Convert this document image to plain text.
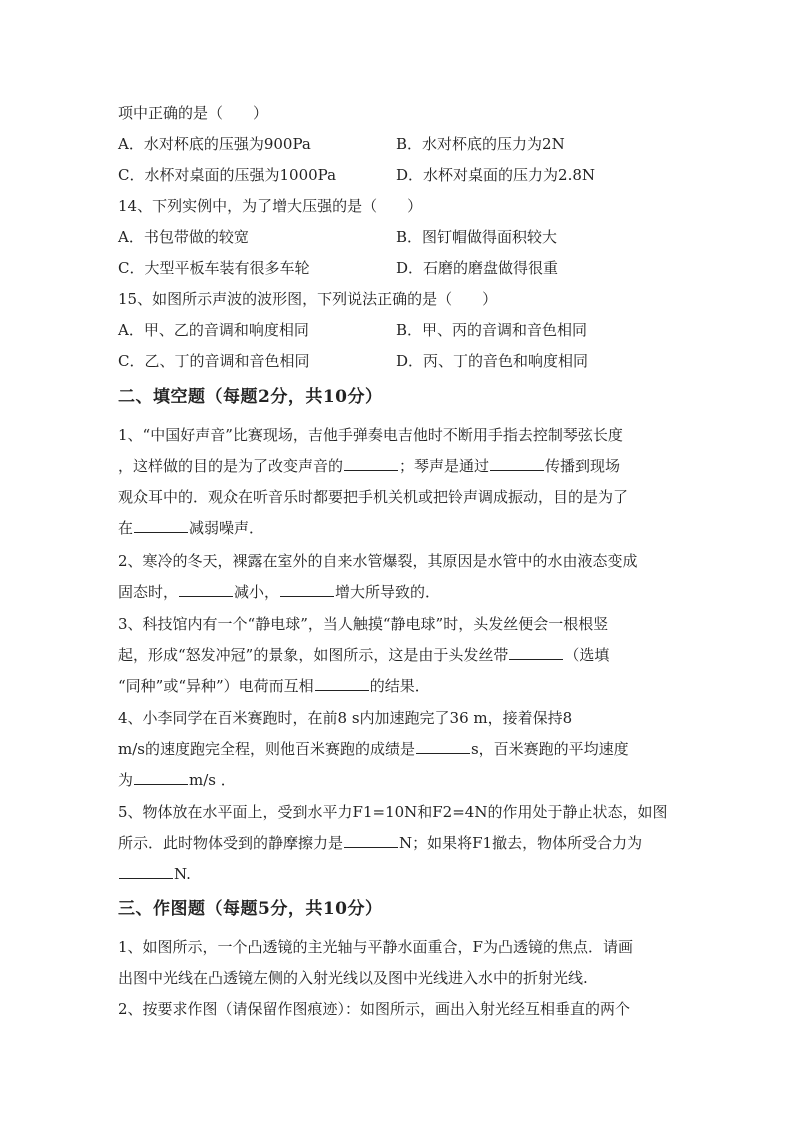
项中正确的是（　　）
A．水对杯底的压强为900Pa	B．水对杯底的压力为2N
C．水杯对桌面的压强为1000Pa	D．水杯对桌面的压力为2.8N
14、下列实例中，为了增大压强的是（　　）
A．书包带做的较宽	B．图钉帽做得面积较大
C．大型平板车装有很多车轮	D．石磨的磨盘做得很重
15、如图所示声波的波形图，下列说法正确的是（　　）
A．甲、乙的音调和响度相同	B．甲、丙的音调和音色相同
C．乙、丁的音调和音色相同	D．丙、丁的音色和响度相同
二、填空题（每题2分，共10分）
1、“中国好声音”比赛现场，吉他手弹奏电吉他时不断用手指去控制琴弦长度
，这样做的目的是为了改变声音的	；琴声是通过	传播到现场
观众耳中的．观众在听音乐时都要把手机关机或把铃声调成振动，目的是为了
在	减弱噪声．
2、寒冷的冬天，裸露在室外的自来水管爆裂，其原因是水管中的水由液态变成
固态时，	减小，	增大所导致的．
3、科技馆内有一个“静电球”，当人触摸“静电球”时，头发丝便会一根根竖
起，形成“怒发冲冠”的景象，如图所示，这是由于头发丝带	（选填
“同种”或“异种”）电荷而互相	的结果．
4、小李同学在百米赛跑时，在前8 s内加速跑完了36 m，接着保持8
m/s的速度跑完全程，则他百米赛跑的成绩是	s，百米赛跑的平均速度
为	m/s ．
5、物体放在水平面上，受到水平力F1=10N和F2=4N的作用处于静止状态，如图
所示．此时物体受到的静摩擦力是	N；如果将F1撤去，物体所受合力为
N.
三、作图题（每题5分，共10分）
1、如图所示，一个凸透镜的主光轴与平静水面重合，F为凸透镜的焦点．请画
出图中光线在凸透镜左侧的入射光线以及图中光线进入水中的折射光线.
2、按要求作图（请保留作图痕迹）：如图所示，画出入射光经互相垂直的两个
